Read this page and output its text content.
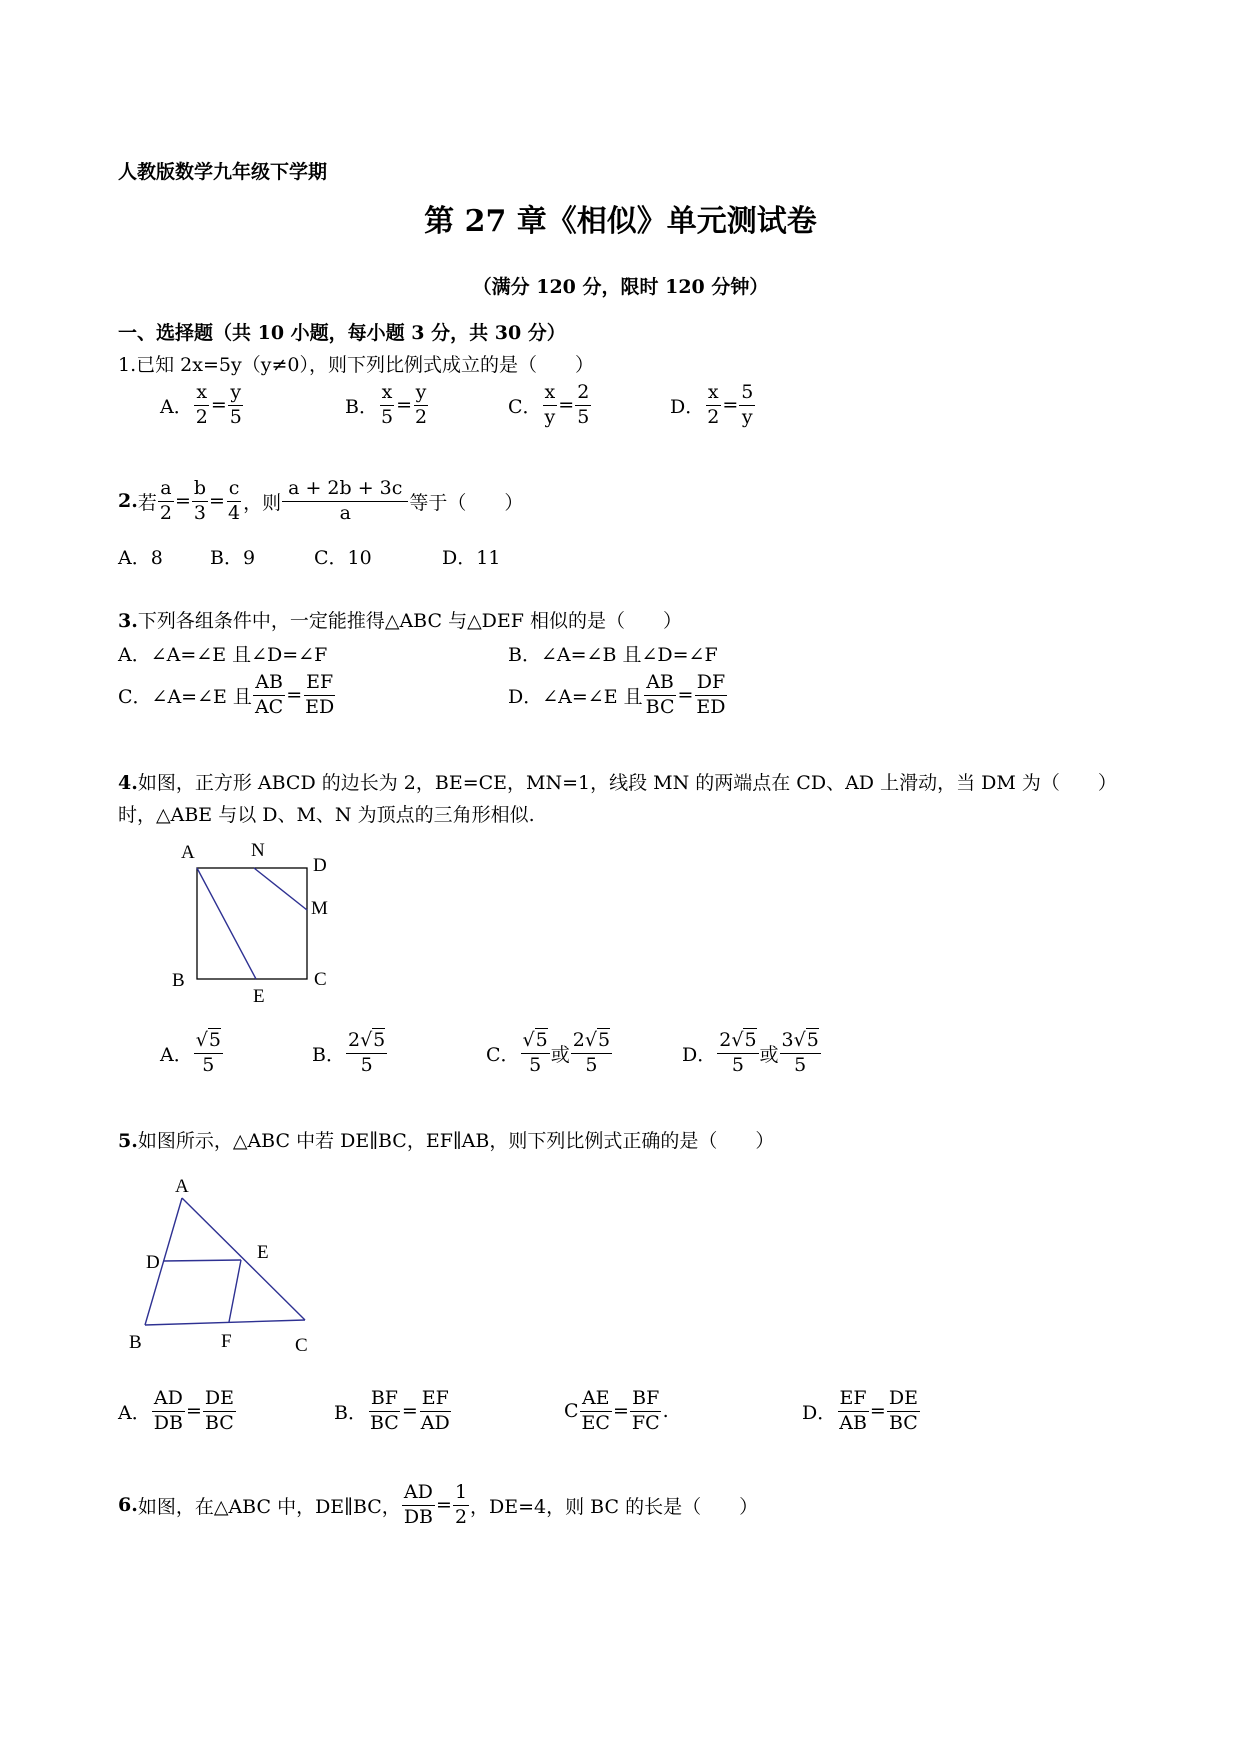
人教版数学九年级下学期
第 27 章《相似》单元测试卷
（满分 120 分，限时 120 分钟）
一、选择题（共 10 小题，每小题 3 分，共 30 分）
1.已知 2x=5y（y≠0），则下列比例式成立的是（　　）
A． $\frac{x}{2} = \frac{y}{5}$	B． $\frac{x}{5} = \frac{y}{2}$	C． $\frac{x}{y} = \frac{2}{5}$	D． $\frac{x}{2} = \frac{5}{y}$
2. 若 $\frac{a}{2} = \frac{b}{3} = \frac{c}{4}$ ，则 $\frac{a + 2b + 3c}{a}$ 等于（　　）
A．8 B．9	C．10	D．11
3.下列各组条件中，一定能推得△ABC 与△DEF 相似的是（　　）
A．∠A=∠E 且∠D=∠F	B．∠A=∠B 且∠D=∠F
C．∠A=∠E 且 $\frac{AB}{AC} = \frac{EF}{ED}$	D．∠A=∠E 且 $\frac{AB}{BC} = \frac{DF}{ED}$
4.如图，正方形 ABCD 的边长为 2，BE=CE，MN=1，线段 MN 的两端点在 CD、AD 上滑动，当 DM 为（　　）
时，△ABE 与以 D、M、N 为顶点的三角形相似.
A	N
D
M
B	C
E
A． $\frac{√5}{5}$	B． $\frac{2√5}{5}$	C． $\frac{√5}{5}$ 或 $\frac{2√5}{5}$	D． $\frac{2√5}{5}$ 或 $\frac{3√5}{5}$
5.如图所示，△ABC 中若 DE∥BC，EF∥AB，则下列比例式正确的是（　　）
A
D	E
B	F	C
A． $\frac{AD}{DB} = \frac{DE}{BC}$	B． $\frac{BF}{BC} = \frac{EF}{AD}$	C $\frac{AE}{EC} = \frac{BF}{FC}$ .	D． $\frac{EF}{AB} = \frac{DE}{BC}$
6. 如图，在△ABC 中，DE∥BC， $\frac{AD}{DB} = \frac{1}{2}$ ，DE=4，则 BC 的长是（　　）
